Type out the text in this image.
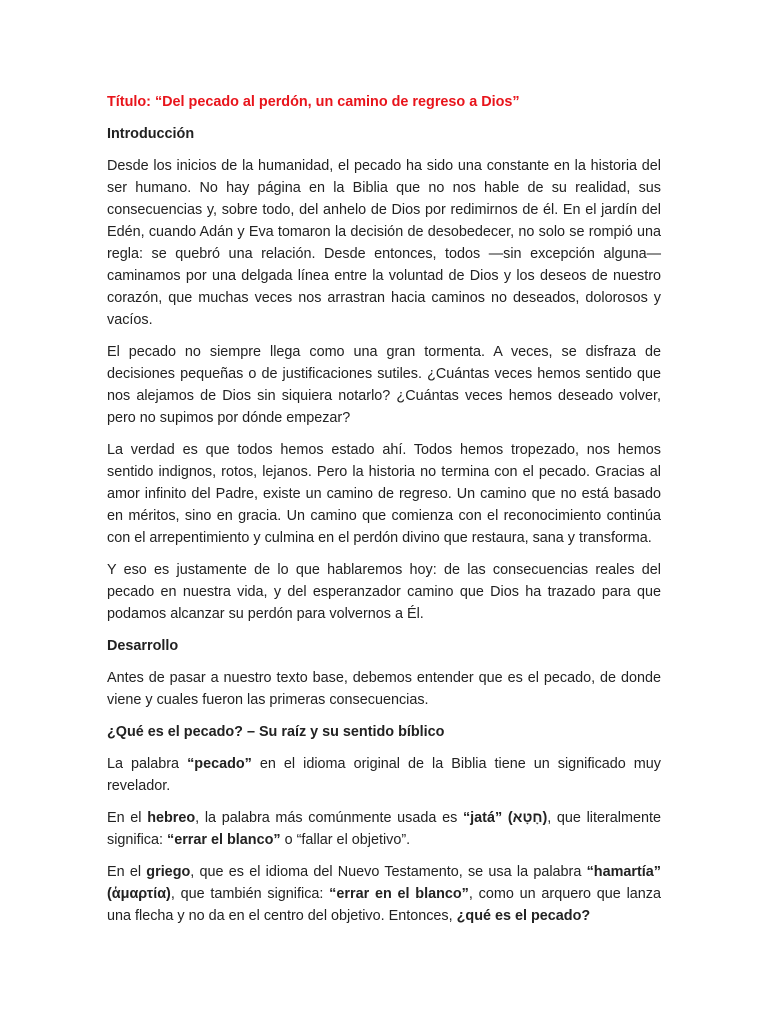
Título: “Del pecado al perdón, un camino de regreso a Dios”

Introducción

Desde los inicios de la humanidad, el pecado ha sido una constante en la historia del ser humano. No hay página en la Biblia que no nos hable de su realidad, sus consecuencias y, sobre todo, del anhelo de Dios por redimirnos de él. En el jardín del Edén, cuando Adán y Eva tomaron la decisión de desobedecer, no solo se rompió una regla: se quebró una relación. Desde entonces, todos —sin excepción alguna— caminamos por una delgada línea entre la voluntad de Dios y los deseos de nuestro corazón, que muchas veces nos arrastran hacia caminos no deseados, dolorosos y vacíos.

El pecado no siempre llega como una gran tormenta. A veces, se disfraza de decisiones pequeñas o de justificaciones sutiles. ¿Cuántas veces hemos sentido que nos alejamos de Dios sin siquiera notarlo? ¿Cuántas veces hemos deseado volver, pero no supimos por dónde empezar?

La verdad es que todos hemos estado ahí. Todos hemos tropezado, nos hemos sentido indignos, rotos, lejanos. Pero la historia no termina con el pecado. Gracias al amor infinito del Padre, existe un camino de regreso. Un camino que no está basado en méritos, sino en gracia. Un camino que comienza con el reconocimiento continúa con el arrepentimiento y culmina en el perdón divino que restaura, sana y transforma.

Y eso es justamente de lo que hablaremos hoy: de las consecuencias reales del pecado en nuestra vida, y del esperanzador camino que Dios ha trazado para que podamos alcanzar su perdón para volvernos a Él.

Desarrollo

Antes de pasar a nuestro texto base, debemos entender que es el pecado, de donde viene y cuales fueron las primeras consecuencias.

¿Qué es el pecado? – Su raíz y su sentido bíblico

La palabra “pecado” en el idioma original de la Biblia tiene un significado muy revelador.

En el hebreo, la palabra más comúnmente usada es “jatá” (חָטָא), que literalmente significa: “errar el blanco” o “fallar el objetivo”.

En el griego, que es el idioma del Nuevo Testamento, se usa la palabra “hamartía” (ἁμαρτία), que también significa: “errar en el blanco”, como un arquero que lanza una flecha y no da en el centro del objetivo. Entonces, ¿qué es el pecado?
